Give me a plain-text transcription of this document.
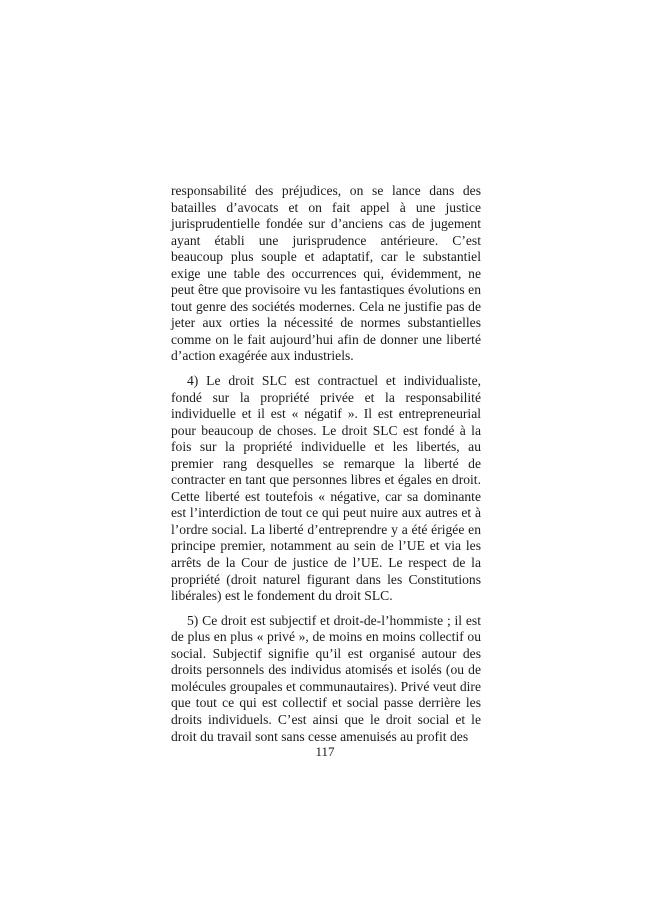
responsabilité des préjudices, on se lance dans des batailles d’avocats et on fait appel à une justice jurisprudentielle fondée sur d’anciens cas de jugement ayant établi une jurisprudence antérieure. C’est beaucoup plus souple et adaptatif, car le substantiel exige une table des occurrences qui, évidemment, ne peut être que provisoire vu les fantastiques évolutions en tout genre des sociétés modernes. Cela ne justifie pas de jeter aux orties la nécessité de normes substantielles comme on le fait aujourd’hui afin de donner une liberté d’action exagérée aux industriels.

4) Le droit SLC est contractuel et individualiste, fondé sur la propriété privée et la responsabilité individuelle et il est « négatif ». Il est entrepreneurial pour beaucoup de choses. Le droit SLC est fondé à la fois sur la propriété individuelle et les libertés, au premier rang desquelles se remarque la liberté de contracter en tant que personnes libres et égales en droit. Cette liberté est toutefois « négative, car sa dominante est l’interdiction de tout ce qui peut nuire aux autres et à l’ordre social. La liberté d’entreprendre y a été érigée en principe premier, notamment au sein de l’UE et via les arrêts de la Cour de justice de l’UE. Le respect de la propriété (droit naturel figurant dans les Constitutions libérales) est le fondement du droit SLC.

5) Ce droit est subjectif et droit-de-l’hommiste ; il est de plus en plus « privé », de moins en moins collectif ou social. Subjectif signifie qu’il est organisé autour des droits personnels des individus atomisés et isolés (ou de molécules groupales et communautaires). Privé veut dire que tout ce qui est collectif et social passe derrière les droits individuels. C’est ainsi que le droit social et le droit du travail sont sans cesse amenuisés au profit des

117
